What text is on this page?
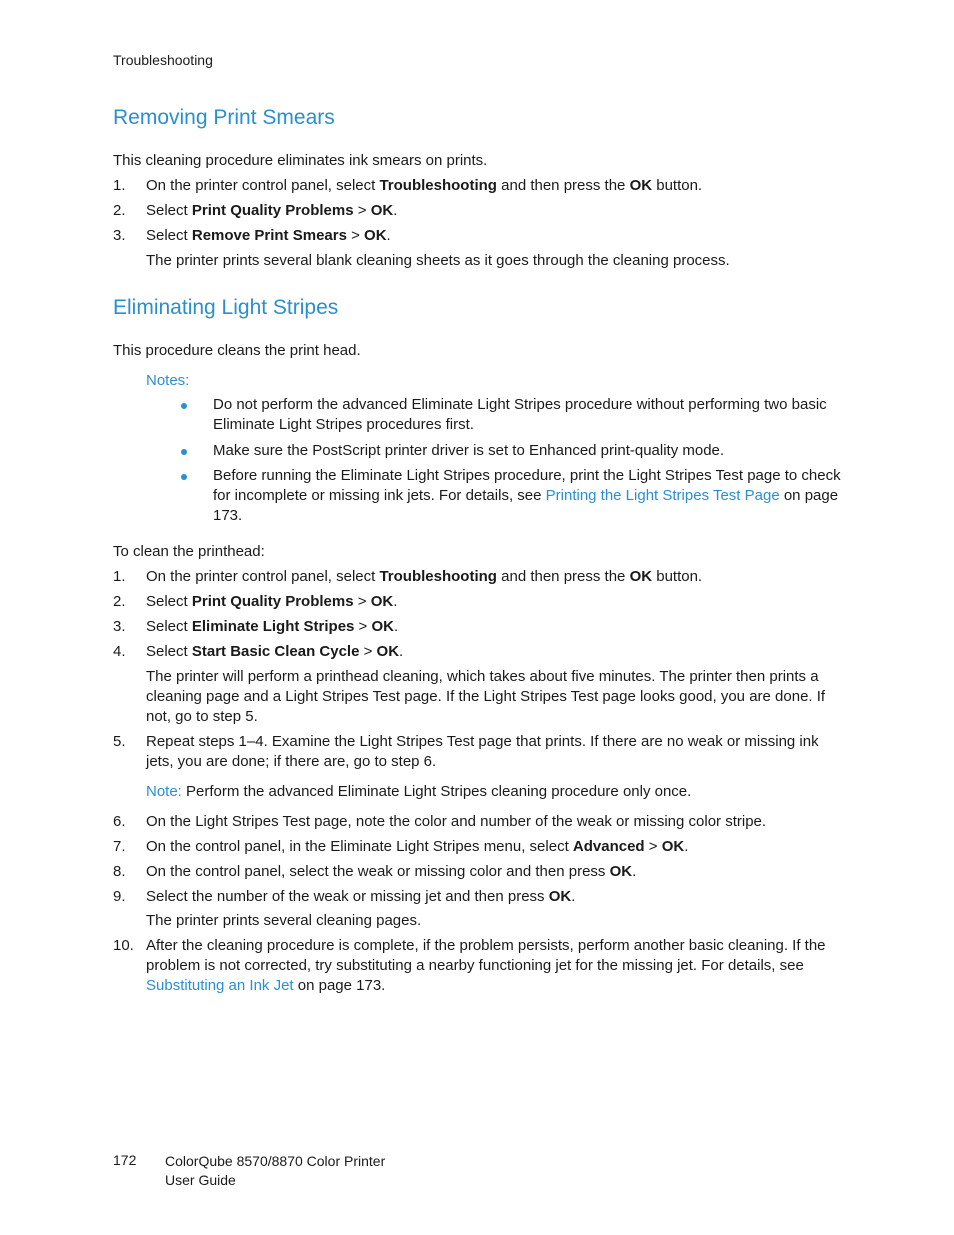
Troubleshooting
Removing Print Smears

This cleaning procedure eliminates ink smears on prints.

1. On the printer control panel, select Troubleshooting and then press the OK button.
2. Select Print Quality Problems > OK.
3. Select Remove Print Smears > OK.
The printer prints several blank cleaning sheets as it goes through the cleaning process.
Eliminating Light Stripes

This procedure cleans the print head.

Notes:
Do not perform the advanced Eliminate Light Stripes procedure without performing two basic Eliminate Light Stripes procedures first.
Make sure the PostScript printer driver is set to Enhanced print-quality mode.
Before running the Eliminate Light Stripes procedure, print the Light Stripes Test page to check for incomplete or missing ink jets. For details, see Printing the Light Stripes Test Page on page 173.

To clean the printhead:

1. On the printer control panel, select Troubleshooting and then press the OK button.
2. Select Print Quality Problems > OK.
3. Select Eliminate Light Stripes > OK.
4. Select Start Basic Clean Cycle > OK.
The printer will perform a printhead cleaning, which takes about five minutes. The printer then prints a cleaning page and a Light Stripes Test page. If the Light Stripes Test page looks good, you are done. If not, go to step 5.
5. Repeat steps 1–4. Examine the Light Stripes Test page that prints. If there are no weak or missing ink jets, you are done; if there are, go to step 6.
Note: Perform the advanced Eliminate Light Stripes cleaning procedure only once.
6. On the Light Stripes Test page, note the color and number of the weak or missing color stripe.
7. On the control panel, in the Eliminate Light Stripes menu, select Advanced > OK.
8. On the control panel, select the weak or missing color and then press OK.
9. Select the number of the weak or missing jet and then press OK.
The printer prints several cleaning pages.
10. After the cleaning procedure is complete, if the problem persists, perform another basic cleaning. If the problem is not corrected, try substituting a nearby functioning jet for the missing jet. For details, see Substituting an Ink Jet on page 173.
172 ColorQube 8570/8870 Color Printer
User Guide
